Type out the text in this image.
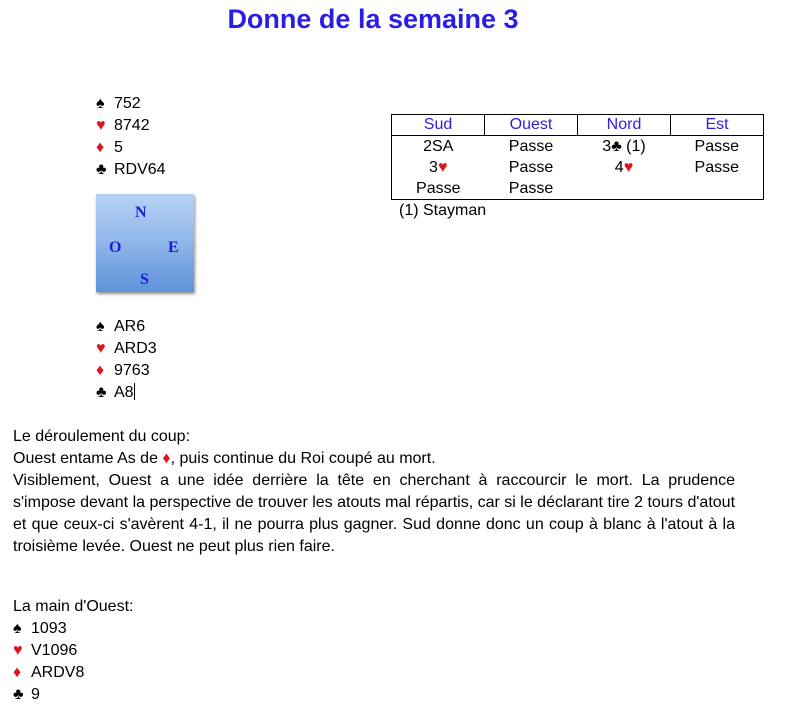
Donne de la semaine 3
♠ 752
♥ 8742
♦ 5
♣ RDV64
N
O	E
S
♠ AR6
♥ ARD3
♦ 9763
♣ A8
Sud	Ouest	Nord	Est
2SA	Passe	3♣ (1)	Passe
3♥	Passe	4♥	Passe
Passe	Passe		
(1) Stayman

Le déroulement du coup:

Ouest entame As de ♦, puis continue du Roi coupé au mort.

Visiblement, Ouest a une idée derrière la tête en cherchant à raccourcir le mort. La prudence s'impose devant la perspective de trouver les atouts mal répartis, car si le déclarant tire 2 tours d'atout et que ceux-ci s'avèrent 4-1, il ne pourra plus gagner. Sud donne donc un coup à blanc à l'atout à la troisième levée. Ouest ne peut plus rien faire.

La main d'Ouest:
♠ 1093
♥ V1096
♦ ARDV8
♣ 9
